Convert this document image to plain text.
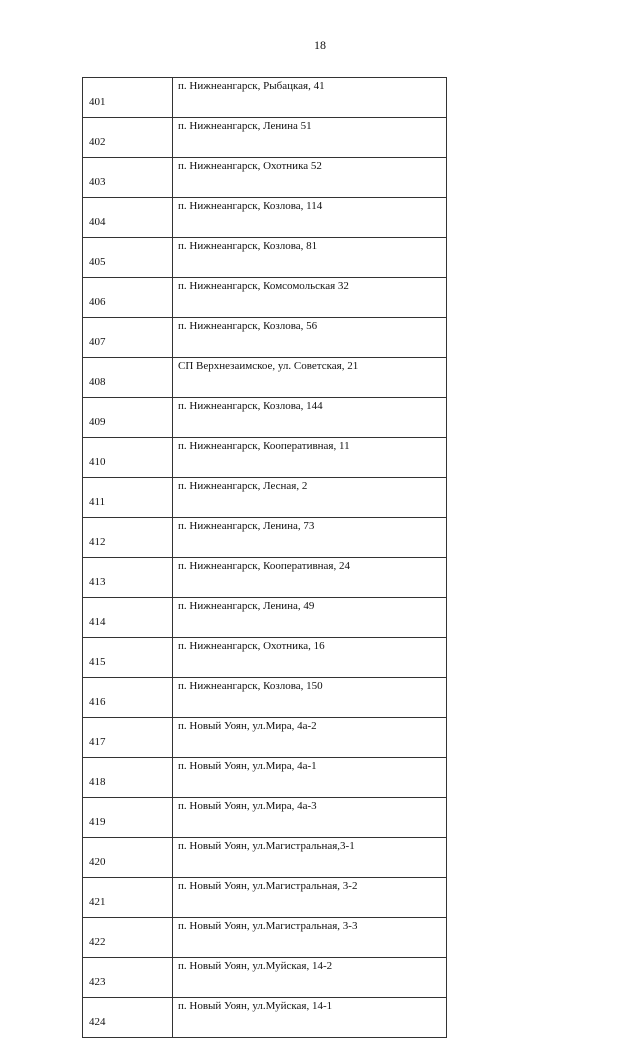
18
401	п. Нижнеангарск, Рыбацкая, 41
402	п. Нижнеангарск, Ленина 51
403	п. Нижнеангарск, Охотника 52
404	п. Нижнеангарск, Козлова, 114
405	п. Нижнеангарск, Козлова, 81
406	п. Нижнеангарск, Комсомольская 32
407	п. Нижнеангарск, Козлова, 56
408	СП Верхнезаимское, ул. Советская, 21
409	п. Нижнеангарск, Козлова, 144
410	п. Нижнеангарск, Кооперативная, 11
411	п. Нижнеангарск, Лесная, 2
412	п. Нижнеангарск, Ленина, 73
413	п. Нижнеангарск, Кооперативная, 24
414	п. Нижнеангарск, Ленина, 49
415	п. Нижнеангарск, Охотника, 16
416	п. Нижнеангарск, Козлова, 150
417	п. Новый Уоян, ул.Мира, 4а-2
418	п. Новый Уоян, ул.Мира, 4а-1
419	п. Новый Уоян, ул.Мира, 4а-3
420	п. Новый Уоян, ул.Магистральная,3-1
421	п. Новый Уоян, ул.Магистральная, 3-2
422	п. Новый Уоян, ул.Магистральная, 3-3
423	п. Новый Уоян, ул.Муйская, 14-2
424	п. Новый Уоян, ул.Муйская, 14-1
